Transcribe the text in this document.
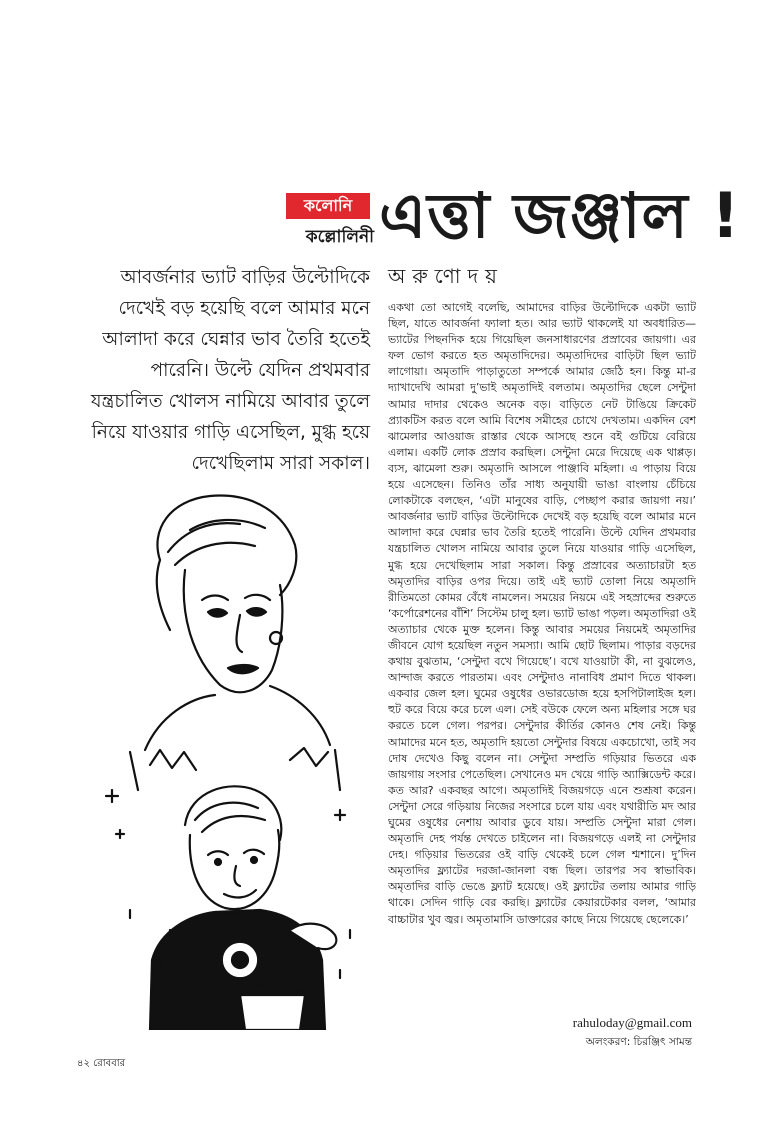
কলোনি
কল্লোলিনী এত্তা জঞ্জাল !
অরুণোদয়

আবর্জনার ভ্যাট বাড়ির উল্টোদিকে দেখেই বড় হয়েছি বলে আমার মনে আলাদা করে ঘেন্নার ভাব তৈরি হতেই পারেনি। উল্টে যেদিন প্রথমবার যন্ত্রচালিত খোলস নামিয়ে আবার তুলে নিয়ে যাওয়ার গাড়ি এসেছিল, মুগ্ধ হয়ে দেখেছিলাম সারা সকাল।

একথা তো আগেই বলেছি, আমাদের বাড়ির উল্টোদিকে একটা ভ্যাট ছিল, যাতে আবর্জনা ফ্যালা হত। আর ভ্যাট থাকলেই যা অবধারিত— ভ্যাটের পিছনদিক হয়ে গিয়েছিল জনসাধারণের প্রস্রাবের জায়গা। এর ফল ভোগ করতে হত অমৃতাদিদের। অমৃতাদিদের বাড়িটা ছিল ভ্যাট লাগোয়া। অমৃতাদি পাড়াতুতো সম্পর্কে আমার জেঠি হন। কিন্তু মা-র দ্যাখাদেখি আমরা দু’ভাই অমৃতাদিই বলতাম। অমৃতাদির ছেলে সেন্টুদা আমার দাদার থেকেও অনেক বড়। বাড়িতে নেট টাঙিয়ে ক্রিকেট প্র্যাকটিস করত বলে আমি বিশেষ সমীহের চোখে দেখতাম। একদিন বেশ ঝামেলার আওয়াজ রাস্তার থেকে আসছে শুনে বই গুটিয়ে বেরিয়ে এলাম। একটি লোক প্রস্রাব করছিল। সেন্টুদা মেরে দিয়েছে এক থাপ্পড়। ব্যস, ঝামেলা শুরু। অমৃতাদি আসলে পাঞ্জাবি মহিলা। এ পাড়ায় বিয়ে হয়ে এসেছেন। তিনিও তাঁর সাধ্য অনুযায়ী ভাঙা বাংলায় চেঁচিয়ে লোকটাকে বলছেন, ‘এটা মানুষের বাড়ি, পেচ্ছাপ করার জায়গা নয়।’ আবর্জনার ভ্যাট বাড়ির উল্টোদিকে দেখেই বড় হয়েছি বলে আমার মনে আলাদা করে ঘেন্নার ভাব তৈরি হতেই পারেনি। উল্টে যেদিন প্রথমবার যন্ত্রচালিত খোলস নামিয়ে আবার তুলে নিয়ে যাওয়ার গাড়ি এসেছিল, মুগ্ধ হয়ে দেখেছিলাম সারা সকাল। কিন্তু প্রস্রাবের অত্যাচারটা হত অমৃতাদির বাড়ির ওপর দিয়ে। তাই এই ভ্যাট তোলা নিয়ে অমৃতাদি রীতিমতো কোমর বেঁধে নামলেন। সময়ের নিয়মে এই সহস্রাব্দের শুরুতে ‘কর্পোরেশনের বাঁশি’ সিস্টেম চালু হল। ভ্যাট ভাঙা পড়ল। অমৃতাদিরা ওই অত্যাচার থেকে মুক্ত হলেন। কিন্তু আবার সময়ের নিয়মেই অমৃতাদির জীবনে যোগ হয়েছিল নতুন সমস্যা। আমি ছোট ছিলাম। পাড়ার বড়দের কথায় বুঝতাম, ‘সেন্টুদা বখে গিয়েছে’। বখে যাওয়াটা কী, না বুঝলেও, আন্দাজ করতে পারতাম। এবং সেন্টুদাও নানাবিধ প্রমাণ দিতে থাকল। একবার জেল হল। ঘুমের ওষুধের ওভারডোজ হয়ে হসপিটালাইজ হল। হুট করে বিয়ে করে চলে এল। সেই বউকে ফেলে অন্য মহিলার সঙ্গে ঘর করতে চলে গেল। পরপর। সেন্টুদার কীর্তির কোনও শেষ নেই। কিন্তু আমাদের মনে হত, অমৃতাদি হয়তো সেন্টুদার বিষয়ে একচোখো, তাই সব দোষ দেখেও কিছু বলেন না। সেন্টুদা সম্প্রতি গড়িয়ার ভিতরে এক জায়গায় সংসার পেতেছিল। সেখানেও মদ খেয়ে গাড়ি অ্যাক্সিডেন্ট করে। কত আর? একবছর আগে। অমৃতাদিই বিজয়গড়ে এনে শুশ্রূষা করেন। সেন্টুদা সেরে গড়িয়ায় নিজের সংসারে চলে যায় এবং যথারীতি মদ আর ঘুমের ওষুধের নেশায় আবার ডুবে যায়। সম্প্রতি সেন্টুদা মারা গেল। অমৃতাদি দেহ পর্যন্ত দেখতে চাইলেন না। বিজয়গড়ে এলই না সেন্টুদার দেহ। গড়িয়ার ভিতরের ওই বাড়ি থেকেই চলে গেল শ্মশানে। দু’দিন অমৃতাদির ফ্ল্যাটের দরজা-জানলা বন্ধ ছিল। তারপর সব স্বাভাবিক। অমৃতাদির বাড়ি ভেঙে ফ্ল্যাট হয়েছে। ওই ফ্ল্যাটের তলায় আমার গাড়ি থাকে। সেদিন গাড়ি বের করছি। ফ্ল্যাটের কেয়ারটেকার বলল, ‘আমার বাচ্চাটার খুব জ্বর। অমৃতামাসি ডাক্তারের কাছে নিয়ে গিয়েছে ছেলেকে।’

rahuloday@gmail.com
অলংকরণ: চিরঞ্জিৎ সামন্ত
৪২ রোববার
